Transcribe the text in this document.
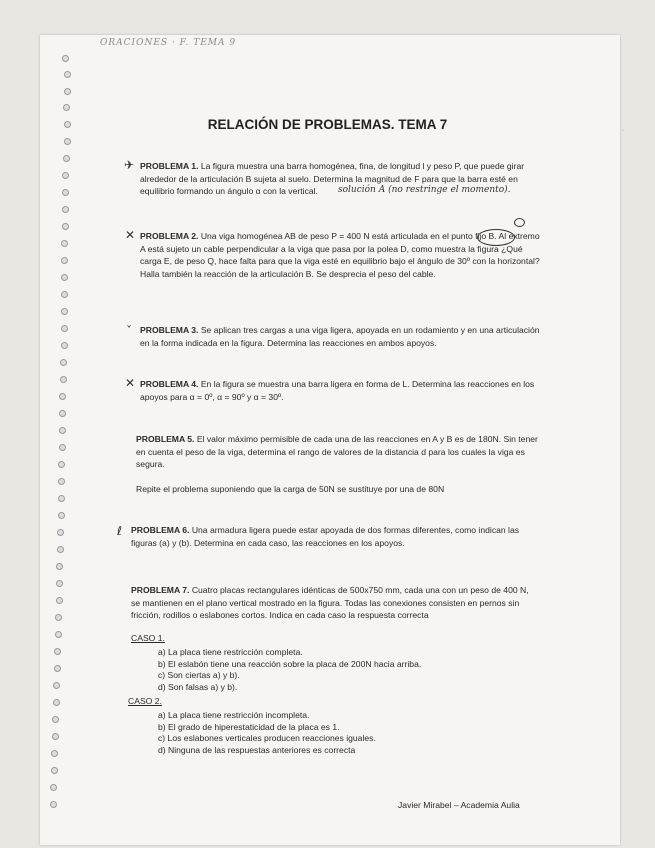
ORACIONES · F. TEMA 9
·
RELACIÓN DE PROBLEMAS. TEMA 7
✈ PROBLEMA 1. La figura muestra una barra homogénea, fina, de longitud l y peso P, que puede girar alrededor de la articulación B sujeta al suelo. Determina la magnitud de F para que la barra esté en equilibrio formando un ángulo α con la vertical.	solución A (no restringe el momento).
✕ PROBLEMA 2. Una viga homogénea AB de peso P = 400 N está articulada en el punto fijo B. Al extremo A está sujeto un cable perpendicular a la viga que pasa por la polea D, como muestra la figura ¿Qué carga E, de peso Q, hace falta para que la viga esté en equilibrio bajo el ángulo de 30º con la horizontal? Halla también la reacción de la articulación B. Se desprecia el peso del cable.
ˇ PROBLEMA 3. Se aplican tres cargas a una viga ligera, apoyada en un rodamiento y en una articulación en la forma indicada en la figura. Determina las reacciones en ambos apoyos.
✕ PROBLEMA 4. En la figura se muestra una barra ligera en forma de L. Determina las reacciones en los apoyos para α = 0º, α = 90º y α = 30º.
PROBLEMA 5. El valor máximo permisible de cada una de las reacciones en A y B es de 180N. Sin tener en cuenta el peso de la viga, determina el rango de valores de la distancia d para los cuales la viga es segura.
Repite el problema suponiendo que la carga de 50N se sustituye por una de 80N
ℓ PROBLEMA 6. Una armadura ligera puede estar apoyada de dos formas diferentes, como indican las figuras (a) y (b). Determina en cada caso, las reacciones en los apoyos.
PROBLEMA 7. Cuatro placas rectangulares idénticas de 500x750 mm, cada una con un peso de 400 N, se mantienen en el plano vertical mostrado en la figura. Todas las conexiones consisten en pernos sin fricción, rodillos o eslabones cortos. Indica en cada caso la respuesta correcta
CASO 1.
a) La placa tiene restricción completa.
b) El eslabón tiene una reacción sobre la placa de 200N hacia arriba.
c) Son ciertas a) y b).
d) Son falsas a) y b).
CASO 2.
a) La placa tiene restricción incompleta.
b) El grado de hiperestaticidad de la placa es 1.
c) Los eslabones verticales producen reacciones iguales.
d) Ninguna de las respuestas anteriores es correcta
Javier Mirabel – Academia Aulia
